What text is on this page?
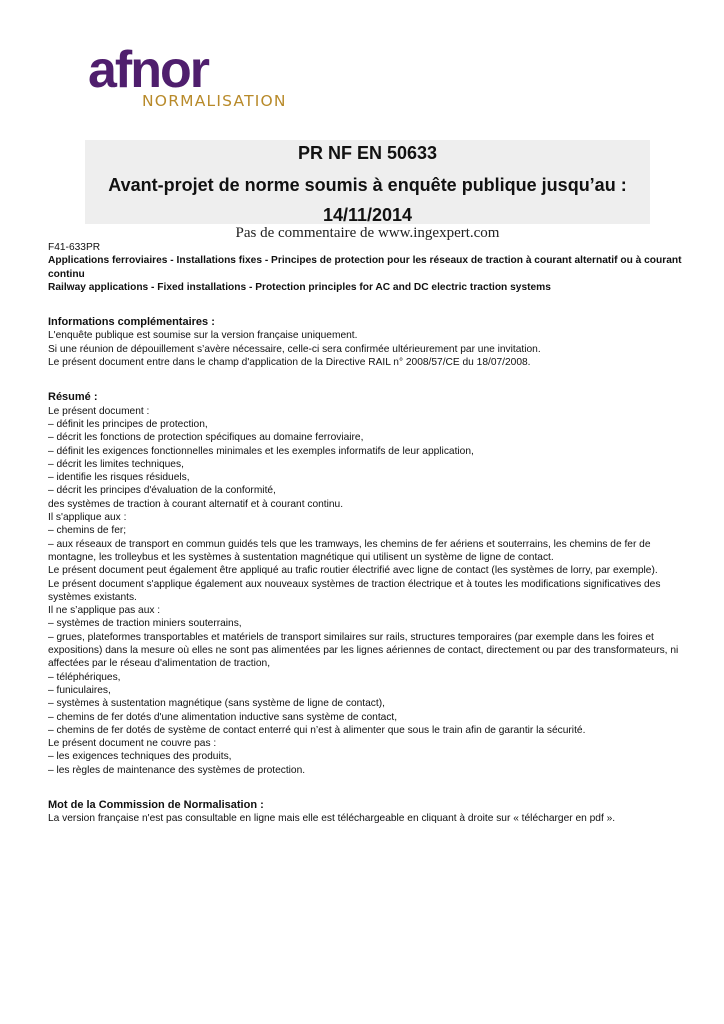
afnor
NORMALISATION
PR NF EN 50633
Avant-projet de norme soumis à enquête publique jusqu’au :
14/11/2014
Pas de commentaire de www.ingexpert.com

F41-633PR

Applications ferroviaires - Installations fixes - Principes de protection pour les réseaux de traction à courant alternatif ou à courant continu

Railway applications - Fixed installations - Protection principles for AC and DC electric traction systems

Informations complémentaires :

L'enquête publique est soumise sur la version française uniquement.

Si une réunion de dépouillement s’avère nécessaire, celle-ci sera confirmée ultérieurement par une invitation.

Le présent document entre dans le champ d'application de la Directive RAIL n° 2008/57/CE du 18/07/2008.

Résumé :

Le présent document :

– définit les principes de protection,

– décrit les fonctions de protection spécifiques au domaine ferroviaire,

– définit les exigences fonctionnelles minimales et les exemples informatifs de leur application,

– décrit les limites techniques,

– identifie les risques résiduels,

– décrit les principes d'évaluation de la conformité,

des systèmes de traction à courant alternatif et à courant continu.

Il s'applique aux :

– chemins de fer;

– aux réseaux de transport en commun guidés tels que les tramways, les chemins de fer aériens et souterrains, les chemins de fer de montagne, les trolleybus et les systèmes à sustentation magnétique qui utilisent un système de ligne de contact.

Le présent document peut également être appliqué au trafic routier électrifié avec ligne de contact (les systèmes de lorry, par exemple).

Le présent document s'applique également aux nouveaux systèmes de traction électrique et à toutes les modifications significatives des systèmes existants.

Il ne s’applique pas aux :

– systèmes de traction miniers souterrains,

– grues, plateformes transportables et matériels de transport similaires sur rails, structures temporaires (par exemple dans les foires et expositions) dans la mesure où elles ne sont pas alimentées par les lignes aériennes de contact, directement ou par des transformateurs, ni affectées par le réseau d'alimentation de traction,

– téléphériques,

– funiculaires,

– systèmes à sustentation magnétique (sans système de ligne de contact),

– chemins de fer dotés d'une alimentation inductive sans système de contact,

– chemins de fer dotés de système de contact enterré qui n’est à alimenter que sous le train afin de garantir la sécurité.

Le présent document ne couvre pas :

– les exigences techniques des produits,

– les règles de maintenance des systèmes de protection.

Mot de la Commission de Normalisation :

La version française n'est pas consultable en ligne mais elle est téléchargeable en cliquant à droite sur « télécharger en pdf ».
